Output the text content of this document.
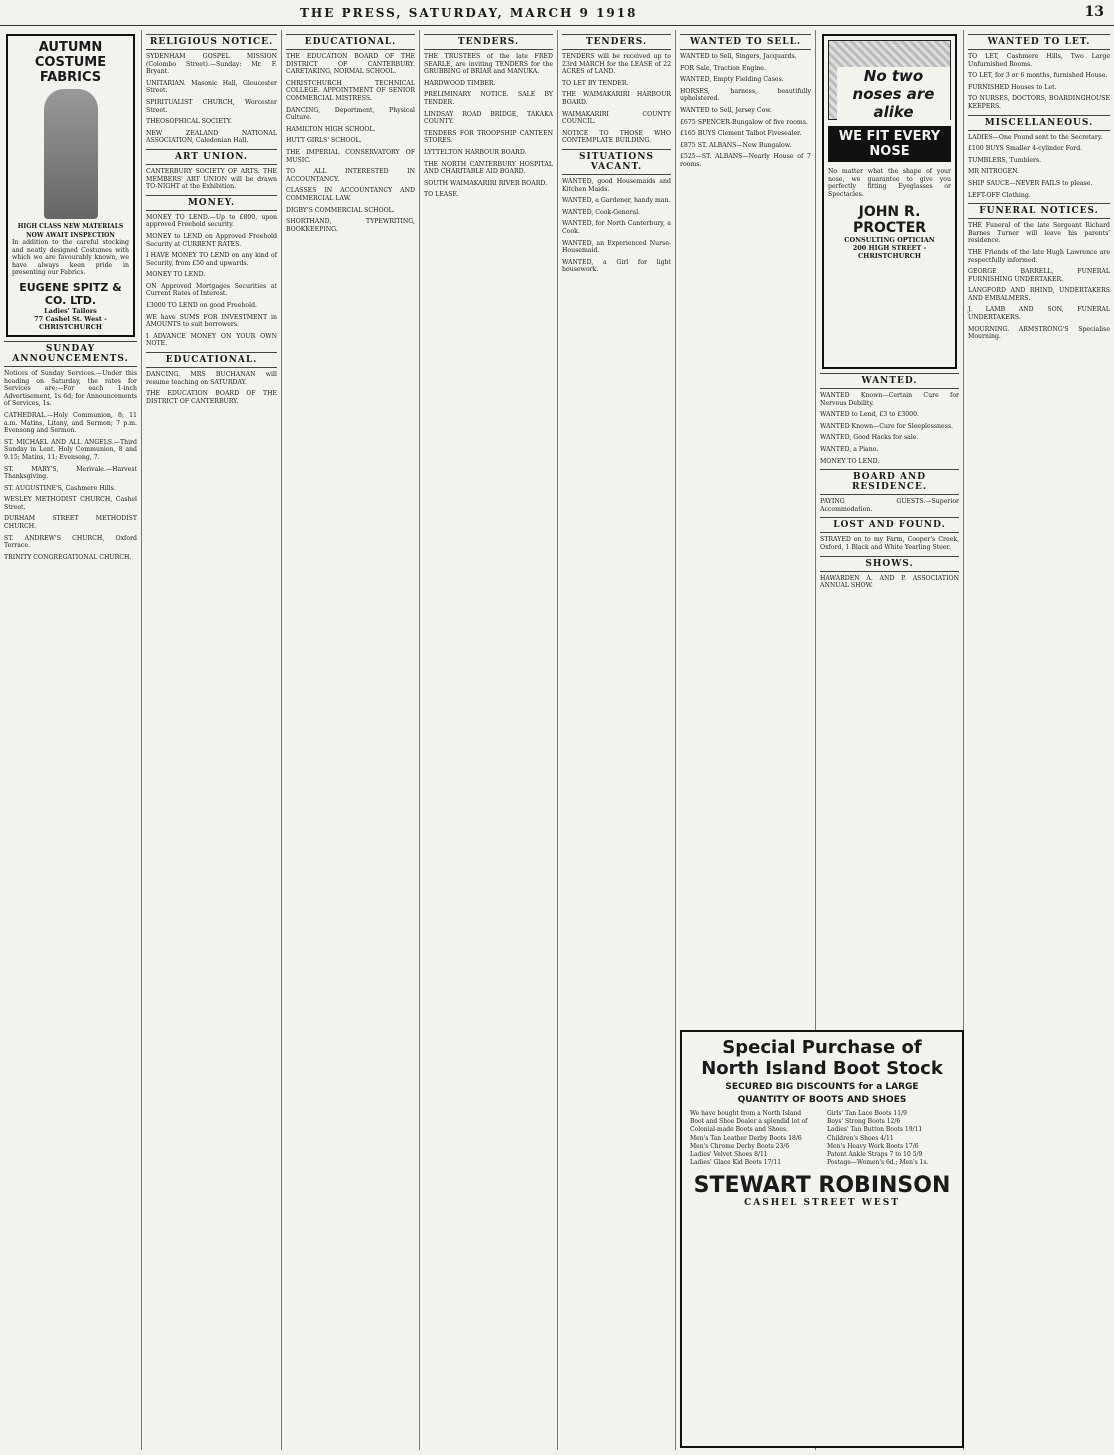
THE PRESS, SATURDAY, MARCH 9 1918	13
AUTUMN COSTUME FABRICS
HIGH CLASS NEW MATERIALS
NOW AWAIT INSPECTION
In addition to the careful stocking and neatly designed Costumes with which we are favourably known, we have always keen pride in presenting our Fabrics.
EUGENE SPITZ & CO. LTD.
Ladies' Tailors
77 Cashel St. West - CHRISTCHURCH
SUNDAY ANNOUNCEMENTS.
Notices of Sunday Services.—Under this heading on Saturday, the rates for Services are:—For each 1-inch Advertisement, 1s 6d; for Announcements of Services, 1s.
CATHEDRAL.—Holy Communion, 8; 11 a.m. Matins, Litany, and Sermon; 7 p.m. Evensong and Sermon.
ST. MICHAEL AND ALL ANGELS.—Third Sunday in Lent. Holy Communion, 8 and 9.15; Matins, 11; Evensong, 7.
ST. MARY'S, Merivale.—Harvest Thanksgiving.
ST. AUGUSTINE'S, Cashmere Hills.
WESLEY METHODIST CHURCH, Cashel Street.
DURHAM STREET METHODIST CHURCH.
ST. ANDREW'S CHURCH, Oxford Terrace.
TRINITY CONGREGATIONAL CHURCH.
RELIGIOUS NOTICE.
SYDENHAM GOSPEL MISSION (Colombo Street).—Sunday: Mr. F. Bryant.
UNITARIAN. Masonic Hall, Gloucester Street.
SPIRITUALIST CHURCH, Worcester Street.
THEOSOPHICAL SOCIETY.
NEW ZEALAND NATIONAL ASSOCIATION, Caledonian Hall.
ART UNION.
CANTERBURY SOCIETY OF ARTS. THE MEMBERS' ART UNION will be drawn TO-NIGHT at the Exhibition.
MONEY.
MONEY TO LEND.—Up to £800, upon approved Freehold security.
MONEY to LEND on Approved Freehold Security at CURRENT RATES.
I HAVE MONEY TO LEND on any kind of Security, from £50 and upwards.
MONEY TO LEND.
ON Approved Mortgages Securities at Current Rates of Interest.
£3000 TO LEND on good Freehold.
WE have SUMS FOR INVESTMENT in AMOUNTS to suit borrowers.
I ADVANCE MONEY ON YOUR OWN NOTE.
EDUCATIONAL.
DANCING. MRS BUCHANAN will resume teaching on SATURDAY.
THE EDUCATION BOARD OF THE DISTRICT OF CANTERBURY.
EDUCATIONAL.
THE EDUCATION BOARD OF THE DISTRICT OF CANTERBURY. CARETAKING, NORMAL SCHOOL.
CHRISTCHURCH TECHNICAL COLLEGE. APPOINTMENT OF SENIOR COMMERCIAL MISTRESS.
DANCING, Deportment, Physical Culture.
HAMILTON HIGH SCHOOL.
HUTT GIRLS' SCHOOL.
THE IMPERIAL CONSERVATORY OF MUSIC.
TO ALL INTERESTED IN ACCOUNTANCY.
CLASSES IN ACCOUNTANCY AND COMMERCIAL LAW.
DIGBY'S COMMERCIAL SCHOOL.
SHORTHAND, TYPEWRITING, BOOKKEEPING.
TENDERS.
THE TRUSTEES of the late FRED SEARLE, are inviting TENDERS for the GRUBBING of BRIAR and MANUKA.
HARDWOOD TIMBER.
PRELIMINARY NOTICE. SALE BY TENDER.
LINDSAY ROAD BRIDGE, TAKAKA COUNTY.
TENDERS FOR TROOPSHIP CANTEEN STORES.
LYTTELTON HARBOUR BOARD.
THE NORTH CANTERBURY HOSPITAL AND CHARITABLE AID BOARD.
SOUTH WAIMAKARIRI RIVER BOARD.
TO LEASE.
TENDERS.
TENDERS will be received up to 23rd MARCH for the LEASE of 22 ACRES of LAND.
TO LET BY TENDER.
THE WAIMAKARIRI HARBOUR BOARD.
WAIMAKARIRI COUNTY COUNCIL.
NOTICE TO THOSE WHO CONTEMPLATE BUILDING.
SITUATIONS VACANT.
WANTED, good Housemaids and Kitchen Maids.
WANTED, a Gardener, handy man.
WANTED, Cook-General.
WANTED, for North Canterbury, a Cook.
WANTED, an Experienced Nurse-Housemaid.
WANTED, a Girl for light housework.
WANTED TO SELL.
WANTED to Sell, Singers, Jacquards.
FOR Sale, Traction Engine.
WANTED, Empty Fielding Cases.
HORSES, harness, beautifully upholstered.
WANTED to Sell, Jersey Cow.
£675 SPENCER-Bungalow of five rooms.
£165 BUYS Clement Talbot Fivesealer.
£875 ST. ALBANS—New Bungalow.
£525—ST. ALBANS—Nearly House of 7 rooms.
No two noses are alike
WE FIT EVERY NOSE
No matter what the shape of your nose, we guarantee to give you perfectly fitting Eyeglasses or Spectacles.
JOHN R. PROCTER
CONSULTING OPTICIAN
200 HIGH STREET - CHRISTCHURCH
WANTED.
WANTED Known—Certain Cure for Nervous Debility.
WANTED to Lend, £3 to £3000.
WANTED Known—Cure for Sleeplessness.
WANTED, Good Hacks for sale.
WANTED, a Piano.
MONEY TO LEND.
BOARD AND RESIDENCE.
PAYING GUESTS.—Superior Accommodation.
LOST AND FOUND.
STRAYED on to my Farm, Cooper's Creek, Oxford, 1 Black and White Yearling Steer.
SHOWS.
HAWARDEN A. AND P. ASSOCIATION ANNUAL SHOW.
WANTED TO LET.
TO LET, Cashmere Hills, Two Large Unfurnished Rooms.
TO LET, for 3 or 6 months, furnished House.
FURNISHED Houses to Let.
TO NURSES, DOCTORS, BOARDINGHOUSE KEEPERS.
MISCELLANEOUS.
LADIES—One Pound sent to the Secretary.
£100 BUYS Smaller 4-cylinder Ford.
TUMBLERS, Tumblers.
MR NITROGEN.
SHIP SAUCE—NEVER FAILS to please.
LEFT-OFF Clothing.
FUNERAL NOTICES.
THE Funeral of the late Sergeant Richard Barnes Turner will leave his parents' residence.
THE Friends of the late Hugh Lawrence are respectfully informed.
GEORGE BARRELL, FUNERAL FURNISHING UNDERTAKER.
LANGFORD AND RHIND, UNDERTAKERS AND EMBALMERS.
J. LAMB AND SON, FUNERAL UNDERTAKERS.
MOURNING. ARMSTRONG'S Specialise Mourning.
Special Purchase of
North Island Boot Stock
SECURED BIG DISCOUNTS for a LARGE
QUANTITY OF BOOTS AND SHOES
We have bought from a North Island Boot and Shoe Dealer a splendid lot of Colonial-made Boots and Shoes.
Men's Tan Leather Derby Boots 18/6
Men's Chrome Derby Boots 23/6
Ladies' Velvet Shoes 8/11
Ladies' Glace Kid Boots 17/11
Girls' Tan Lace Boots 11/9
Boys' Strong Boots 12/6
Ladies' Tan Button Boots 19/11
Children's Shoes 4/11
Men's Heavy Work Boots 17/6
Patent Ankle Straps 7 to 10 5/9
Postage—Women's 6d.; Men's 1s.
STEWART ROBINSON
CASHEL STREET WEST
